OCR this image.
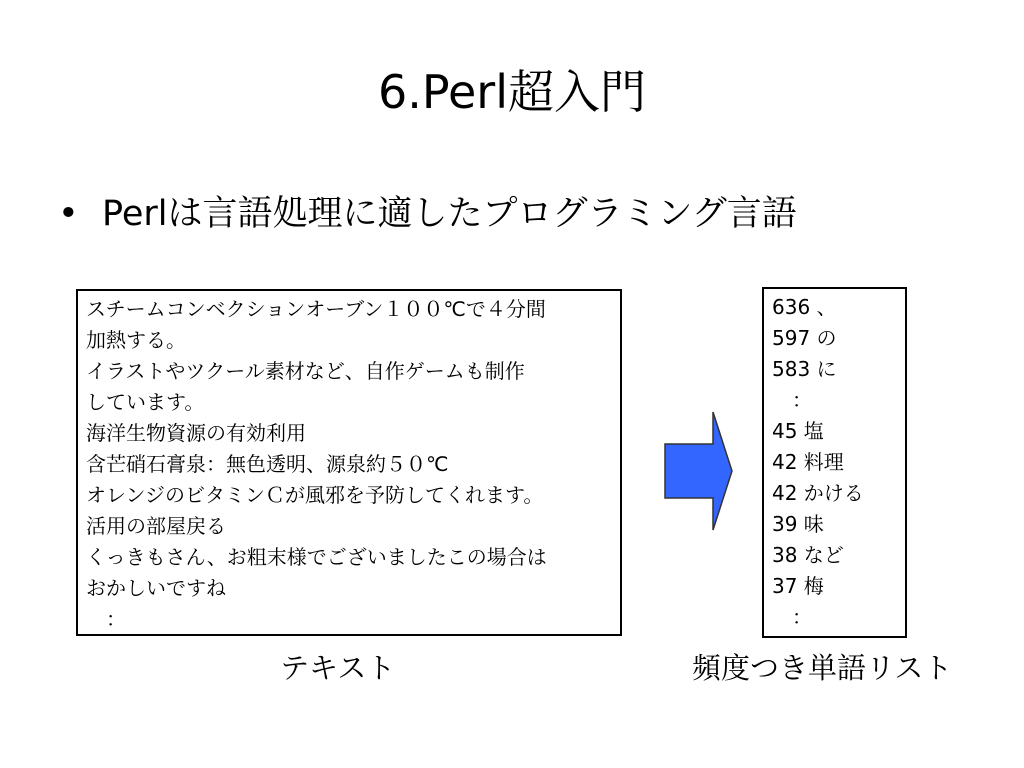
6.Perl超入門
• Perlは言語処理に適したプログラミング言語
スチームコンベクションオーブン１００℃で４分間
加熱する。
イラストやツクール素材など、自作ゲームも制作
しています。
海洋生物資源の有効利用
含芒硝石膏泉：無色透明、源泉約５０℃
オレンジのビタミンＣが風邪を予防してくれます。
活用の部屋戻る
くっきもさん、お粗末様でございましたこの場合は
おかしいですね
　：
636 、
597 の
583 に
　：
45 塩
42 料理
42 かける
39 味
38 など
37 梅
　：
テキスト	頻度つき単語リスト
